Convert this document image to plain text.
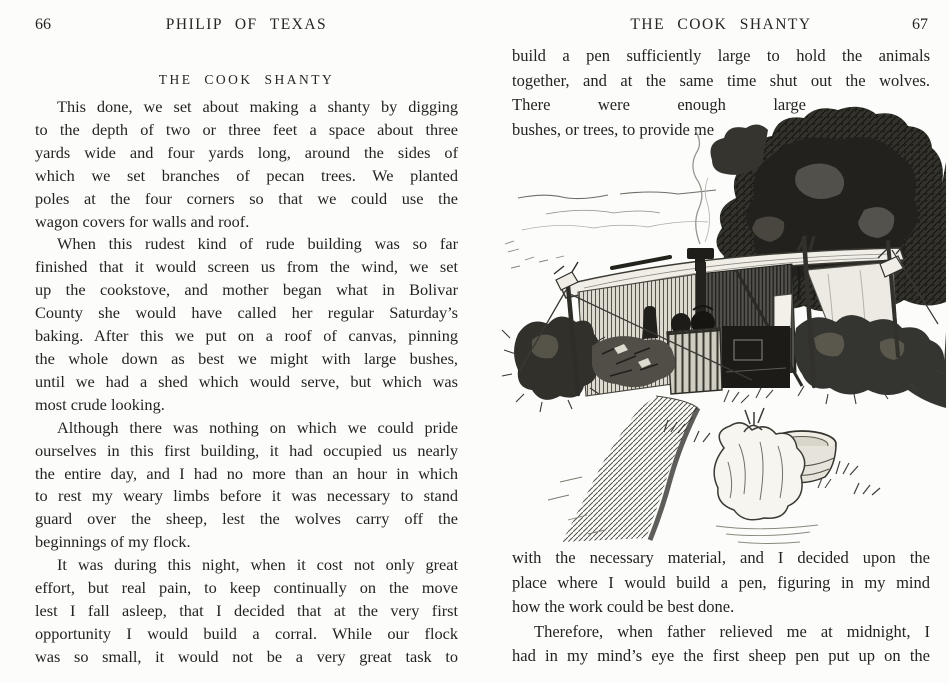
66	PHILIP OF TEXAS
THE COOK SHANTY
This done, we set about making a shanty by digging
to the depth of two or three feet a space about three
yards wide and four yards long, around the sides of
which we set branches of pecan trees. We planted
poles at the four corners so that we could use the
wagon covers for walls and roof.
When this rudest kind of rude building was so far
finished that it would screen us from the wind, we set
up the cookstove, and mother began what in Bolivar
County she would have called her regular Saturday’s
baking. After this we put on a roof of canvas, pinning
the whole down as best we might with large bushes,
until we had a shed which would serve, but which was
most crude looking.
Although there was nothing on which we could pride
ourselves in this first building, it had occupied us nearly
the entire day, and I had no more than an hour in which
to rest my weary limbs before it was necessary to stand
guard over the sheep, lest the wolves carry off the
beginnings of my flock.
It was during this night, when it cost not only great
effort, but real pain, to keep continually on the move
lest I fall asleep, that I decided that at the very first
opportunity I would build a corral. While our flock
was so small, it would not be a very great task to
THE COOK SHANTY	67
build a pen sufficiently large to hold the animals
together, and at the same time shut out the wolves.
There were enough large
bushes, or trees, to provide me
with the necessary material, and I decided upon the
place where I would build a pen, figuring in my mind
how the work could be best done.
Therefore, when father relieved me at midnight, I
had in my mind’s eye the first sheep pen put up on the
